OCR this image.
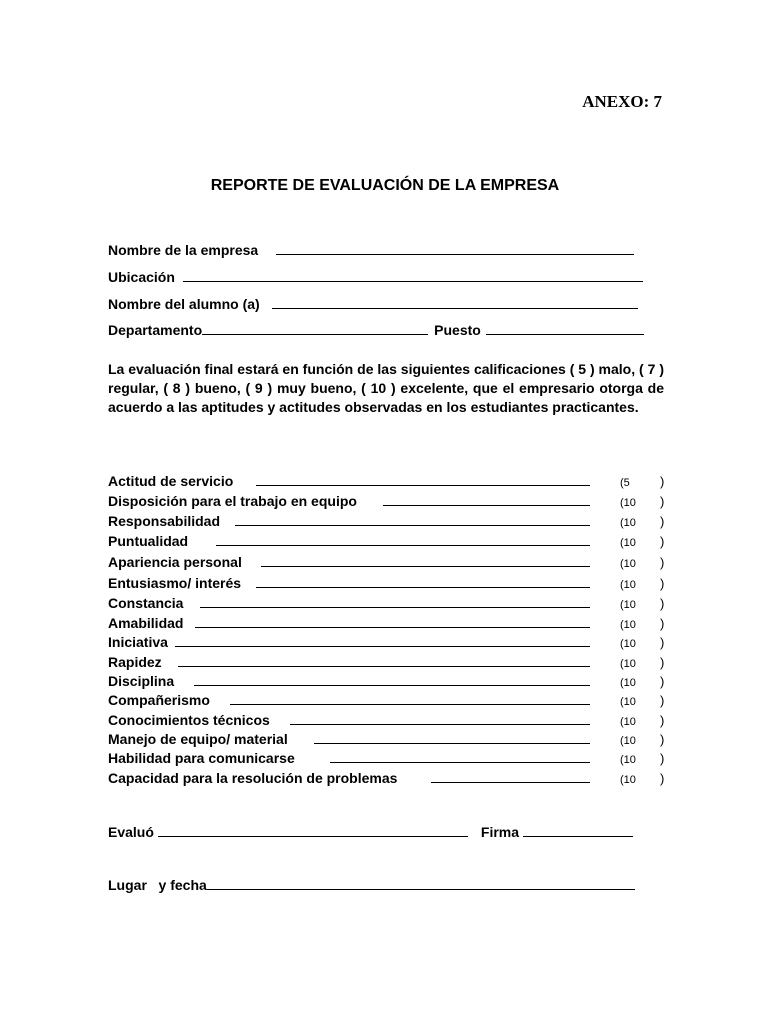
ANEXO: 7
REPORTE DE EVALUACIÓN DE LA EMPRESA
Nombre de la empresa
Ubicación
Nombre del alumno (a)
Departamento	Puesto
La evaluación final estará en función de las siguientes calificaciones ( 5 ) malo, ( 7 ) regular, ( 8 ) bueno, ( 9 ) muy bueno, ( 10 ) excelente, que el empresario otorga de acuerdo a las aptitudes y actitudes observadas en los estudiantes practicantes.
Actitud de servicio	(5 )
Disposición para el trabajo en equipo	(10 )
Responsabilidad	(10 )
Puntualidad	(10 )
Apariencia personal	(10 )
Entusiasmo/ interés	(10 )
Constancia	(10 )
Amabilidad	(10 )
Iniciativa	(10 )
Rapidez	(10 )
Disciplina	(10 )
Compañerismo	(10 )
Conocimientos técnicos	(10 )
Manejo de equipo/ material	(10 )
Habilidad para comunicarse	(10 )
Capacidad para la resolución de problemas	(10 )
Evaluó	Firma
Lugar   y fecha
